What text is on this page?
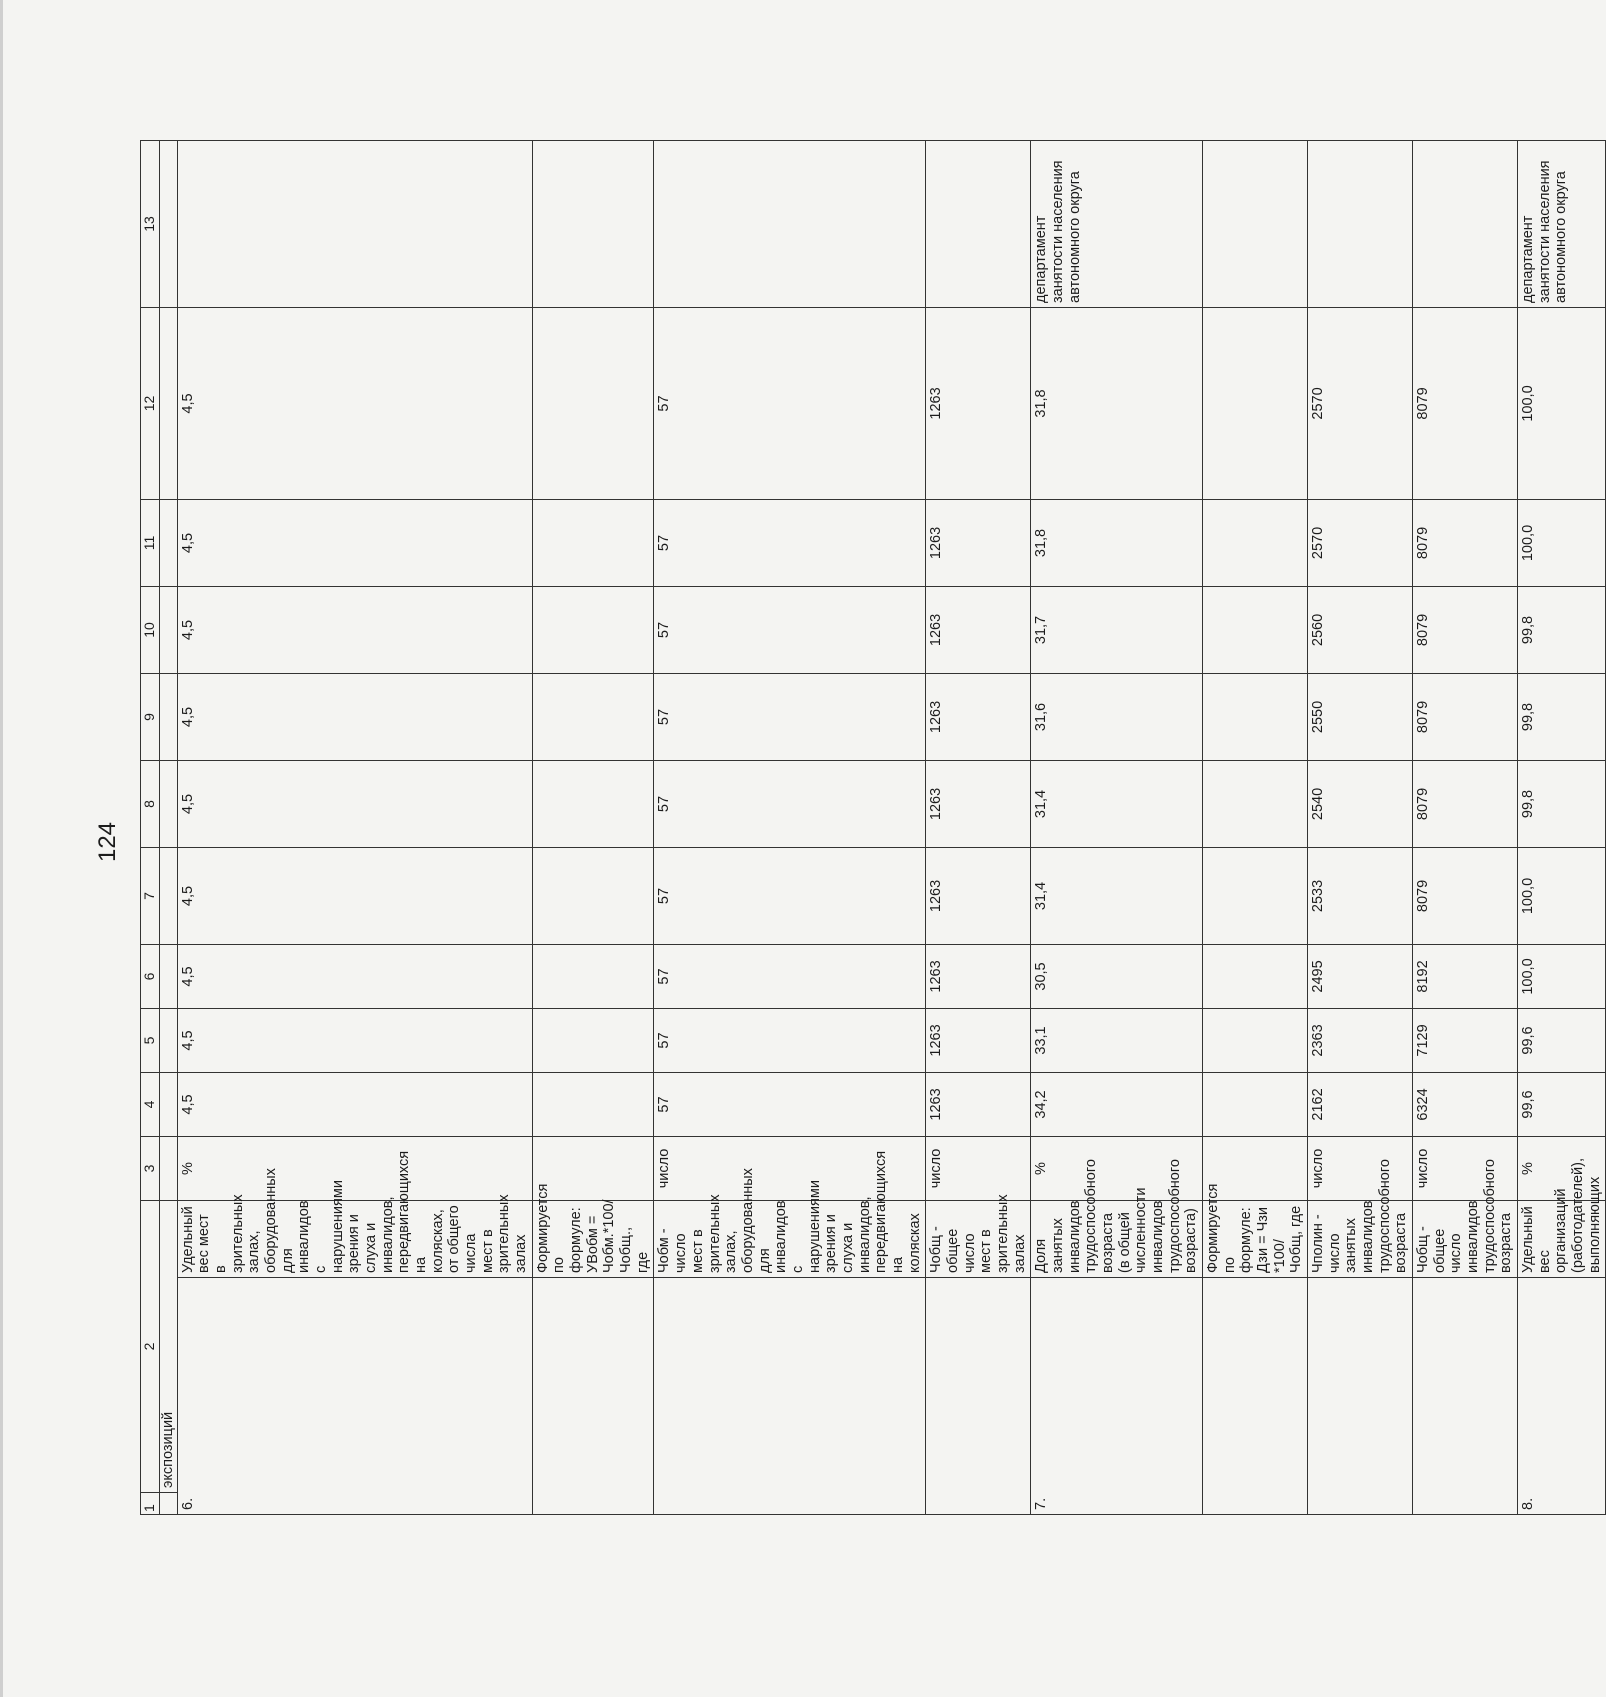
124
1	2		3	4	5	6	7	8	9	10	11	12	13
	экспозиций												
6.		Удельный вес мест в зрительных залах, оборудованных для инвалидов с нарушениями зрения и слуха и инвалидов, передвигающихся на колясках, от общего числа мест в зрительных залах	%	4,5	4,5	4,5	4,5	4,5	4,5	4,5	4,5	4,5	
		Формируется по формуле:
УВобм =
Чобм.*100/Чобщ., где											
		Чобм - число мест в зрительных залах, оборудованных для инвалидов с нарушениями зрения и слуха и инвалидов, передвигающихся на колясках	число	57	57	57	57	57	57	57	57	57	
		Чобщ - общее число мест в зрительных залах	число	1263	1263	1263	1263	1263	1263	1263	1263	1263	
7.		Доля занятых инвалидов трудоспособного возраста (в общей численности инвалидов трудоспособного возраста)	%	34,2	33,1	30,5	31,4	31,4	31,6	31,7	31,8	31,8	департамент занятости населения автономного округа
		Формируется по формуле:
Дзи = Чзи *100/Чобщ, где											
		Чполин - число занятых инвалидов трудоспособного возраста	число	2162	2363	2495	2533	2540	2550	2560	2570	2570	
		Чобщ - общее число инвалидов трудоспособного возраста	число	6324	7129	8192	8079	8079	8079	8079	8079	8079	
8.		Удельный вес организаций (работодателей), выполняющих	%	99,6	99,6	100,0	100,0	99,8	99,8	99,8	100,0	100,0	департамент занятости населения автономного округа
